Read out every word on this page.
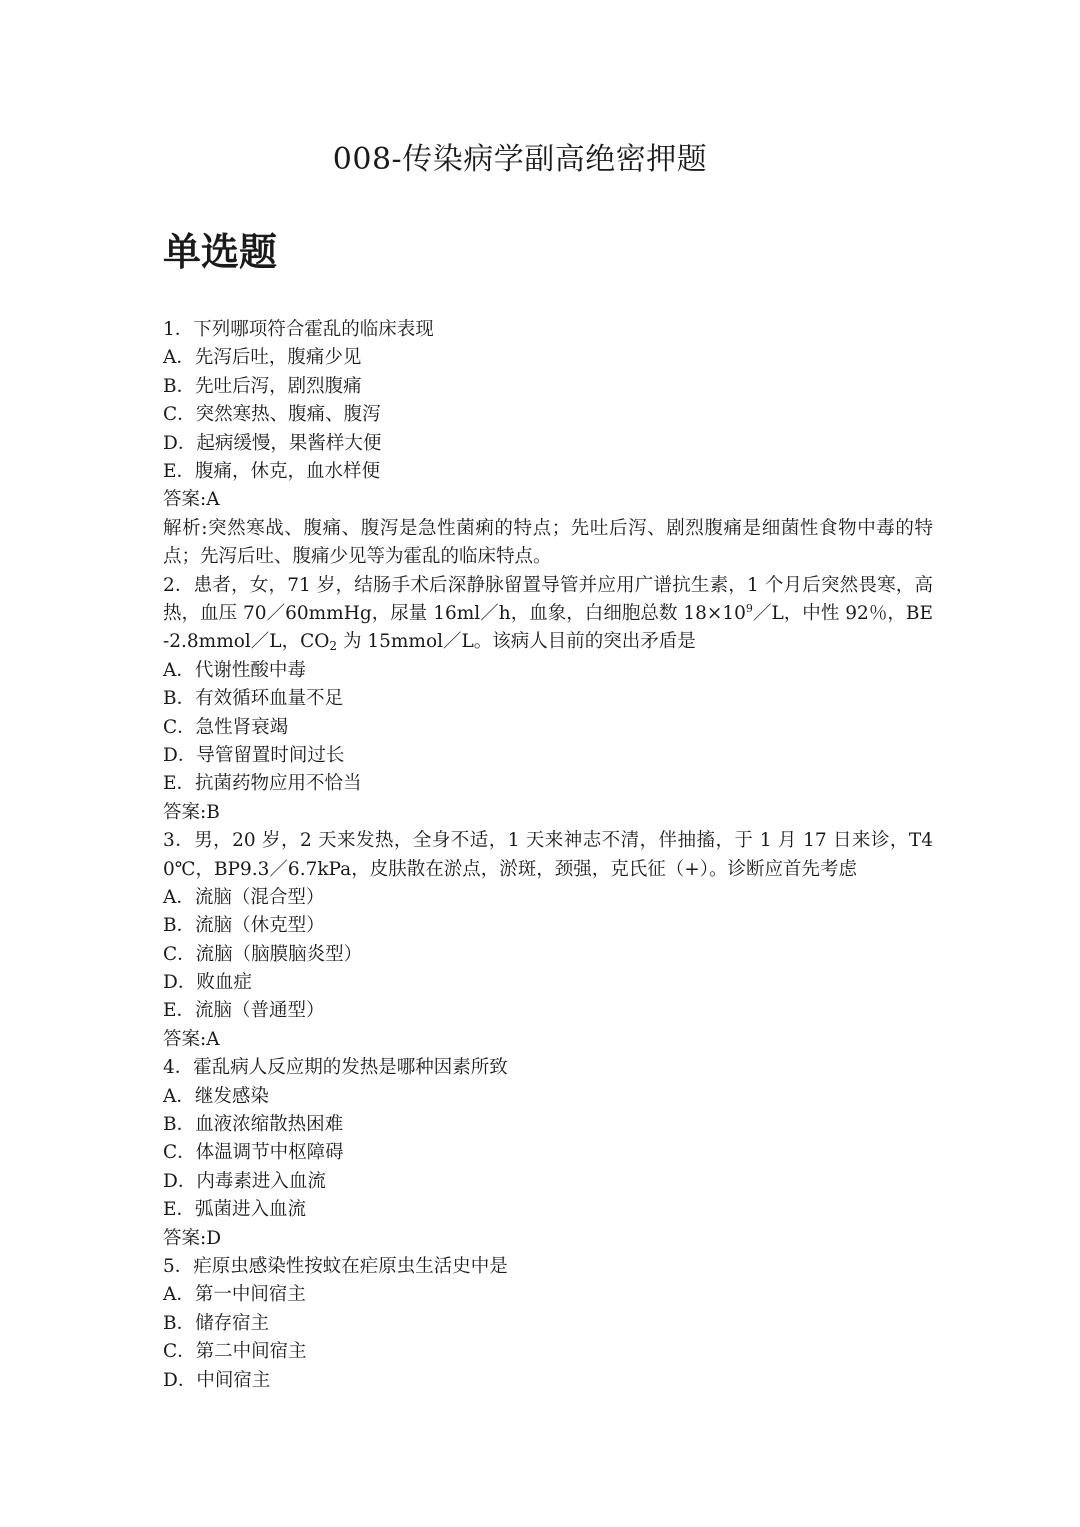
008-传染病学副高绝密押题
单选题
1．下列哪项符合霍乱的临床表现
A．先泻后吐，腹痛少见
B．先吐后泻，剧烈腹痛
C．突然寒热、腹痛、腹泻
D．起病缓慢，果酱样大便
E．腹痛，休克，血水样便
答案:A
解析:突然寒战、腹痛、腹泻是急性菌痢的特点；先吐后泻、剧烈腹痛是细菌性食物中毒的特点；先泻后吐、腹痛少见等为霍乱的临床特点。
2．患者，女，71 岁，结肠手术后深静脉留置导管并应用广谱抗生素，1 个月后突然畏寒，高热，血压 70／60mmHg，尿量 16ml／h，血象，白细胞总数 $18\times 10^9/L$，中性 92％，BE-2.8mmol／L，$CO_2$ 为 15mmol／L。该病人目前的突出矛盾是
A．代谢性酸中毒
B．有效循环血量不足
C．急性肾衰竭
D．导管留置时间过长
E．抗菌药物应用不恰当
答案:B
3．男，20 岁，2 天来发热，全身不适，1 天来神志不清，伴抽搐，于 1 月 17 日来诊，T40℃，BP9.3／6.7kPa，皮肤散在淤点，淤斑，颈强，克氏征（+）。诊断应首先考虑
A．流脑（混合型）
B．流脑（休克型）
C．流脑（脑膜脑炎型）
D．败血症
E．流脑（普通型）
答案:A
4．霍乱病人反应期的发热是哪种因素所致
A．继发感染
B．血液浓缩散热困难
C．体温调节中枢障碍
D．内毒素进入血流
E．弧菌进入血流
答案:D
5．疟原虫感染性按蚊在疟原虫生活史中是
A．第一中间宿主
B．储存宿主
C．第二中间宿主
D．中间宿主
